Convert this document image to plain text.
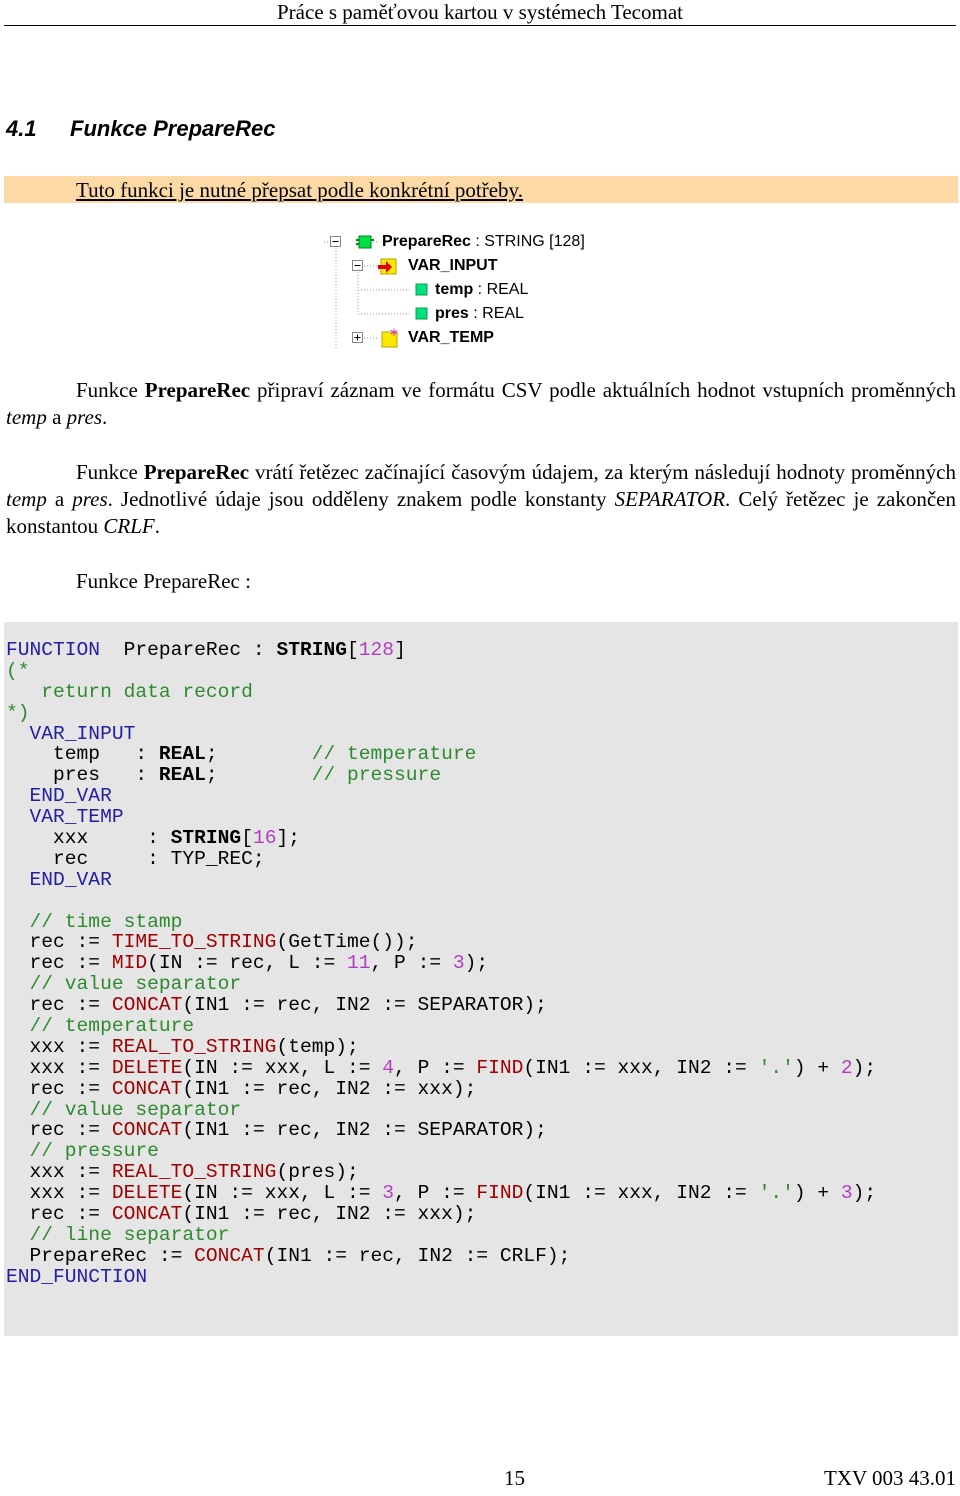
Práce s paměťovou kartou v systémech Tecomat
4.1 Funkce PrepareRec
Tuto funkci je nutné přepsat podle konkrétní potřeby.
*
PrepareRec : STRING [128]
VAR_INPUT
temp : REAL
pres : REAL
VAR_TEMP

Funkce PrepareRec připraví záznam ve formátu CSV podle aktuálních hodnot vstupních proměnných temp a pres.

Funkce PrepareRec vrátí řetězec začínající časovým údajem, za kterým následují hodnoty proměnných temp a pres. Jednotlivé údaje jsou odděleny znakem podle konstanty SEPARATOR. Celý řetězec je zakončen konstantou CRLF.

Funkce PrepareRec :

FUNCTION  PrepareRec : STRING[128]
(*
return data record
*)
VAR_INPUT
temp   : REAL;        // temperature
pres   : REAL;        // pressure
END_VAR
VAR_TEMP
xxx     : STRING[16];
rec     : TYP_REC;
END_VAR
// time stamp
rec := TIME_TO_STRING(GetTime());
rec := MID(IN := rec, L := 11, P := 3);
// value separator
rec := CONCAT(IN1 := rec, IN2 := SEPARATOR);
// temperature
xxx := REAL_TO_STRING(temp);
xxx := DELETE(IN := xxx, L := 4, P := FIND(IN1 := xxx, IN2 := '.') + 2);
rec := CONCAT(IN1 := rec, IN2 := xxx);
// value separator
rec := CONCAT(IN1 := rec, IN2 := SEPARATOR);
// pressure
xxx := REAL_TO_STRING(pres);
xxx := DELETE(IN := xxx, L := 3, P := FIND(IN1 := xxx, IN2 := '.') + 3);
rec := CONCAT(IN1 := rec, IN2 := xxx);
// line separator
PrepareRec := CONCAT(IN1 := rec, IN2 := CRLF);
END_FUNCTION
15	TXV 003 43.01
